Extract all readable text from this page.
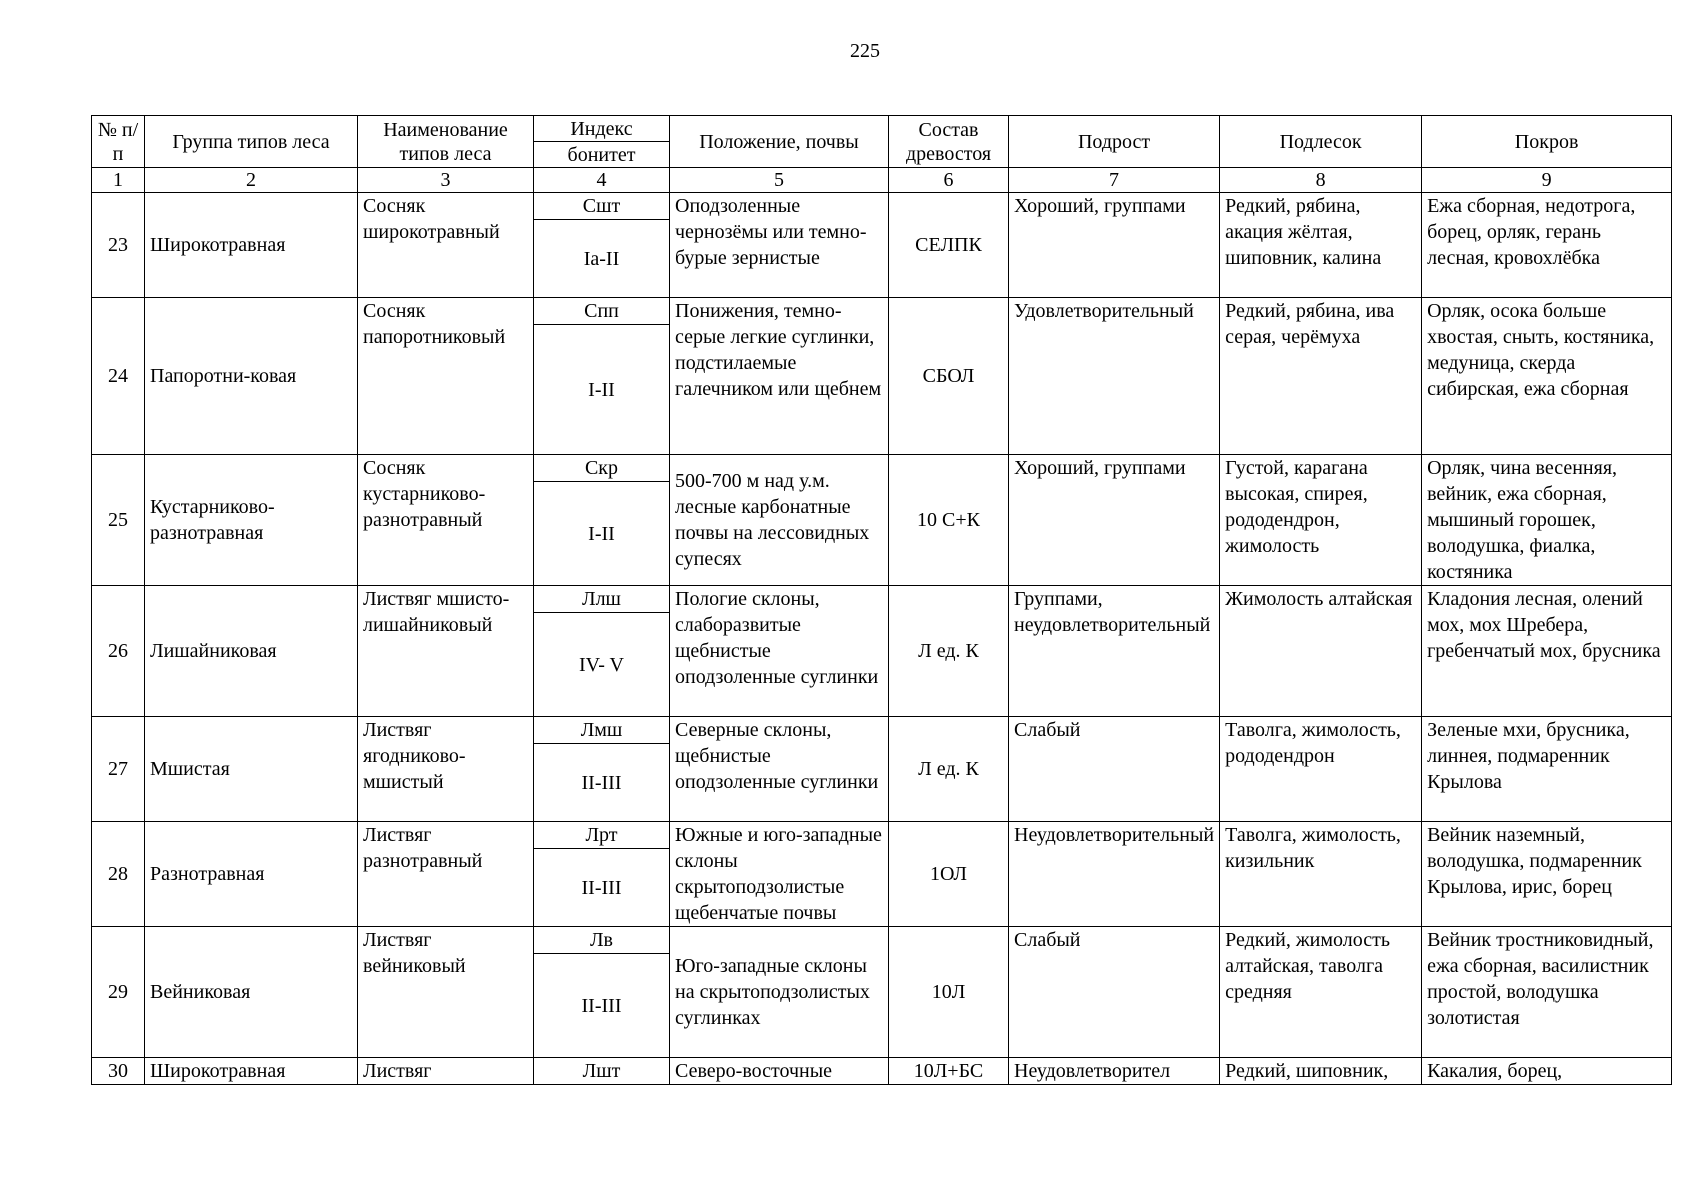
225
№ п/п	Группа типов леса	Наименование типов леса	Индекс	Положение, почвы	Состав древостоя	Подрост	Подлесок	Покров
			бонитет					
1	2	3	4	5	6	7	8	9
23	Широкотравная	Сосняк широкотравный	Сшт	Оподзоленные чернозёмы или темно-бурые зернистые	СЕЛПК	Хороший, группами	Редкий, рябина, акация жёлтая, шиповник, калина	Ежа сборная, недотрога, борец, орляк, герань лесная, кровохлёбка
			Ia-II					
24	Папоротни-ковая	Сосняк папоротниковый	Спп	Понижения, темно-серые легкие суглинки, подстилаемые галечником или щебнем	СБОЛ	Удовлетворительный	Редкий, рябина, ива серая, черёмуха	Орляк, осока больше хвостая, сныть, костяника, медуница, скерда сибирская, ежа сборная
			I-II					
25	Кустарниково-разнотравная	Сосняк кустарниково-разнотравный	Скр	500-700 м над у.м. лесные карбонатные почвы на лессовидных супесях	10 С+К	Хороший, группами	Густой, карагана высокая, спирея, рододендрон, жимолость	Орляк, чина весенняя, вейник, ежа сборная, мышиный горошек, володушка, фиалка, костяника
			I-II					
26	Лишайниковая	Листвяг мшисто-лишайниковый	Ллш	Пологие склоны, слаборазвитые щебнистые оподзоленные суглинки	Л ед. К	Группами, неудовлетворительный	Жимолость алтайская	Кладония лесная, олений мох, мох Шребера, гребенчатый мох, брусника
			IV- V					
27	Мшистая	Листвяг ягодниково-мшистый	Лмш	Северные склоны, щебнистые оподзоленные суглинки	Л ед. К	Слабый	Таволга, жимолость, рододендрон	Зеленые мхи, брусника, линнея, подмаренник Крылова
			II-III					
28	Разнотравная	Листвяг разнотравный	Лрт	Южные и юго-западные склоны скрытоподзолистые щебенчатые почвы	1ОЛ	Неудовлетворительный	Таволга, жимолость, кизильник	Вейник наземный, володушка, подмаренник Крылова, ирис, борец
			II-III					
29	Вейниковая	Листвяг вейниковый	Лв	Юго-западные склоны на скрытоподзолистых суглинках	10Л	Слабый	Редкий, жимолость алтайская, таволга средняя	Вейник тростниковидный, ежа сборная, василистник простой, володушка золотистая
			II-III					
30	Широкотравная	Листвяг	Лшт	Северо-восточные	10Л+БС	Неудовлетворител	Редкий, шиповник,	Какалия, борец,
